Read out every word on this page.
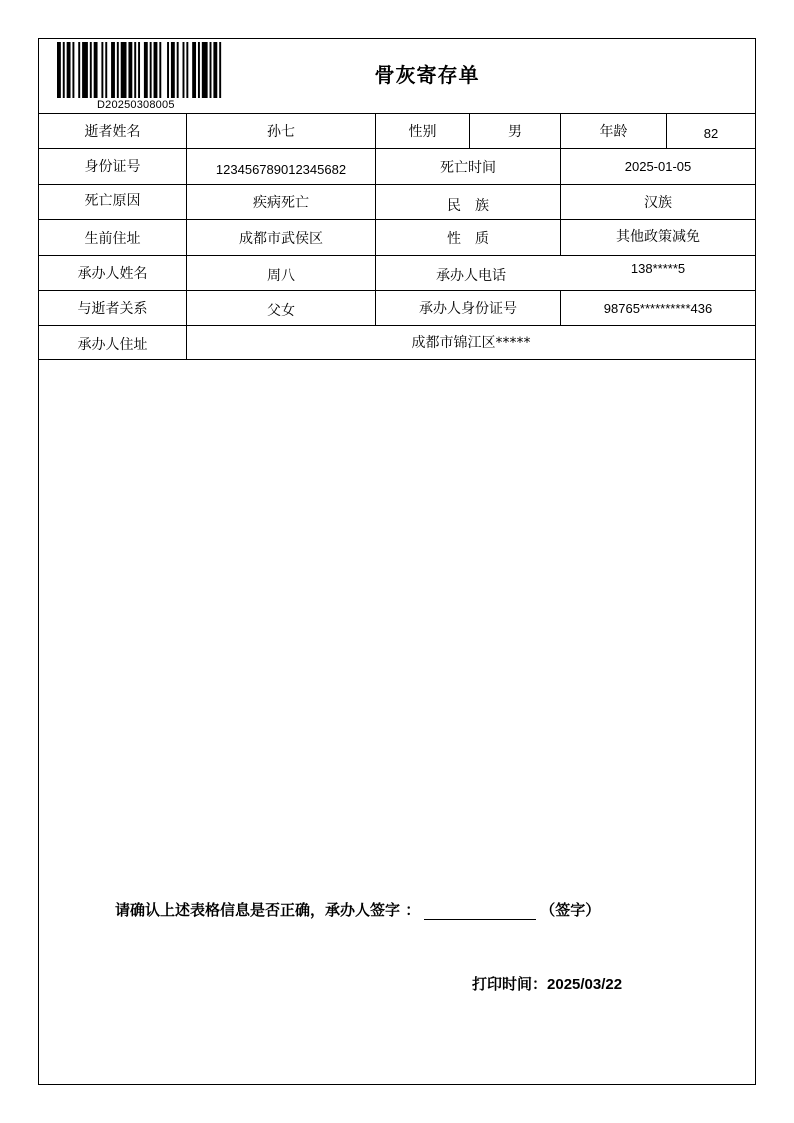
D20250308005
骨灰寄存单
逝者姓名	孙七	性别	男	年龄	82
身份证号	123456789012345682	死亡时间	2025-01-05
死亡原因	疾病死亡	民　族	汉族
生前住址	成都市武侯区	性　质	其他政策减免
承办人姓名	周八	承办人电话	138*****5
与逝者关系	父女	承办人身份证号	98765**********436
承办人住址	成都市锦江区*****
请确认上述表格信息是否正确，承办人签字 ：	（签字）
打印时间：2025/03/22
